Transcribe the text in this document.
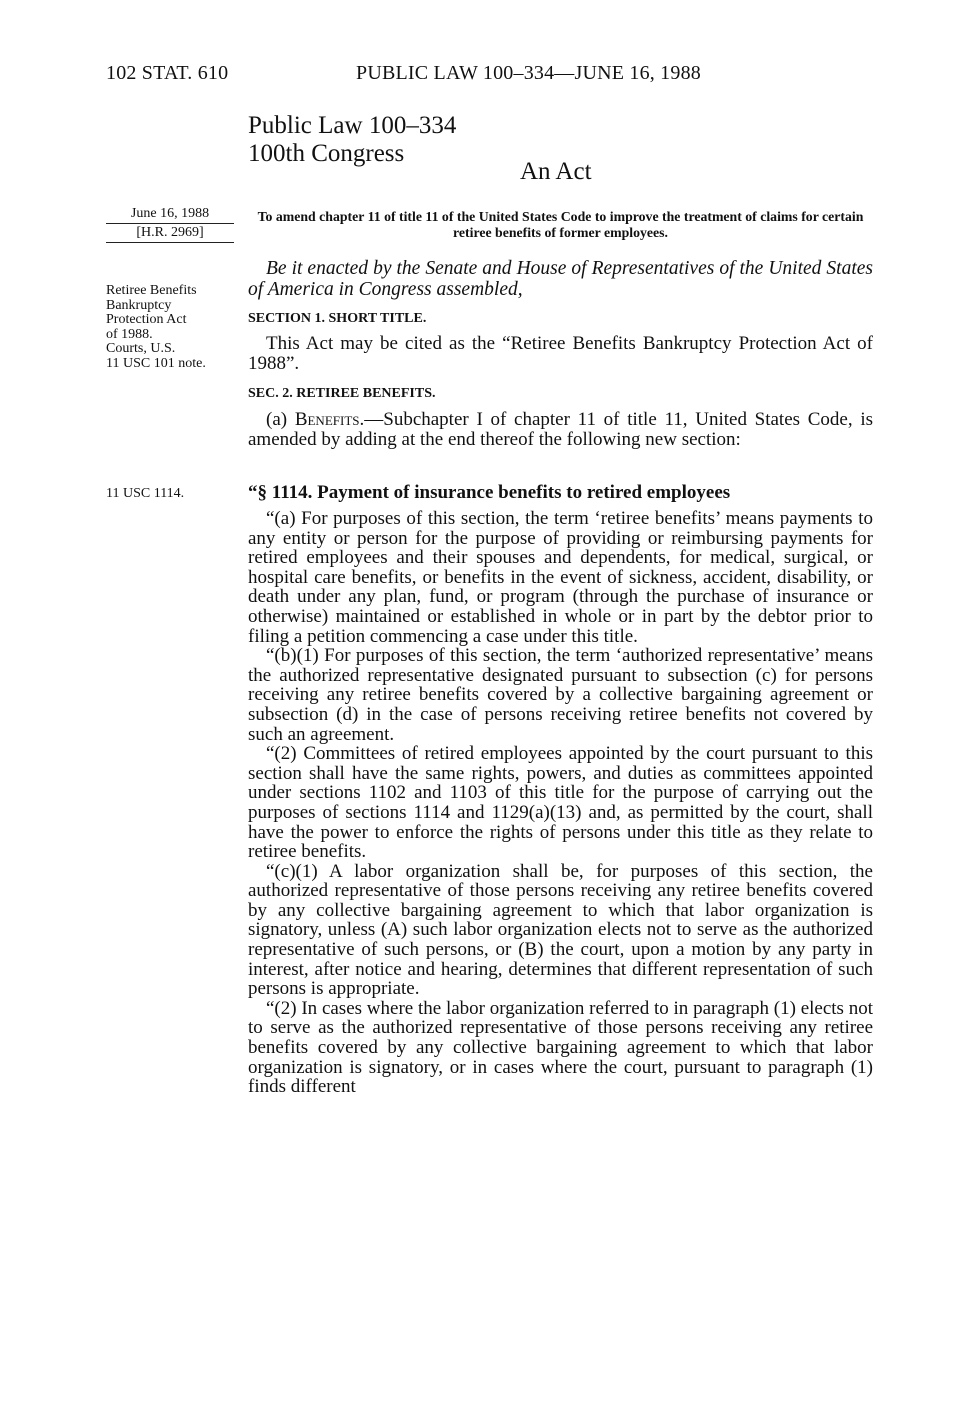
102 STAT. 610	PUBLIC LAW 100–334—JUNE 16, 1988
Public Law 100–334
100th Congress
An Act
June 16, 1988
[H.R. 2969]
To amend chapter 11 of title 11 of the United States Code to improve the treatment of claims for certain retiree benefits of former employees.
Retiree Benefits
Bankruptcy
Protection Act
of 1988.
Courts, U.S.
11 USC 101 note.
Be it enacted by the Senate and House of Representatives of the United States of America in Congress assembled,
SECTION 1. SHORT TITLE.

This Act may be cited as the “Retiree Benefits Bankruptcy Protection Act of 1988”.

SEC. 2. RETIREE BENEFITS.

(a) Benefits.—Subchapter I of chapter 11 of title 11, United States Code, is amended by adding at the end thereof the following new section:

11 USC 1114.	“§ 1114. Payment of insurance benefits to retired employees

“(a) For purposes of this section, the term ‘retiree benefits’ means payments to any entity or person for the purpose of providing or reimbursing payments for retired employees and their spouses and dependents, for medical, surgical, or hospital care benefits, or benefits in the event of sickness, accident, disability, or death under any plan, fund, or program (through the purchase of insurance or otherwise) maintained or established in whole or in part by the debtor prior to filing a petition commencing a case under this title.

“(b)(1) For purposes of this section, the term ‘authorized representative’ means the authorized representative designated pursuant to subsection (c) for persons receiving any retiree benefits covered by a collective bargaining agreement or subsection (d) in the case of persons receiving retiree benefits not covered by such an agreement.

“(2) Committees of retired employees appointed by the court pursuant to this section shall have the same rights, powers, and duties as committees appointed under sections 1102 and 1103 of this title for the purpose of carrying out the purposes of sections 1114 and 1129(a)(13) and, as permitted by the court, shall have the power to enforce the rights of persons under this title as they relate to retiree benefits.

“(c)(1) A labor organization shall be, for purposes of this section, the authorized representative of those persons receiving any retiree benefits covered by any collective bargaining agreement to which that labor organization is signatory, unless (A) such labor organization elects not to serve as the authorized representative of such persons, or (B) the court, upon a motion by any party in interest, after notice and hearing, determines that different representation of such persons is appropriate.

“(2) In cases where the labor organization referred to in paragraph (1) elects not to serve as the authorized representative of those persons receiving any retiree benefits covered by any collective bargaining agreement to which that labor organization is signatory, or in cases where the court, pursuant to paragraph (1) finds different
